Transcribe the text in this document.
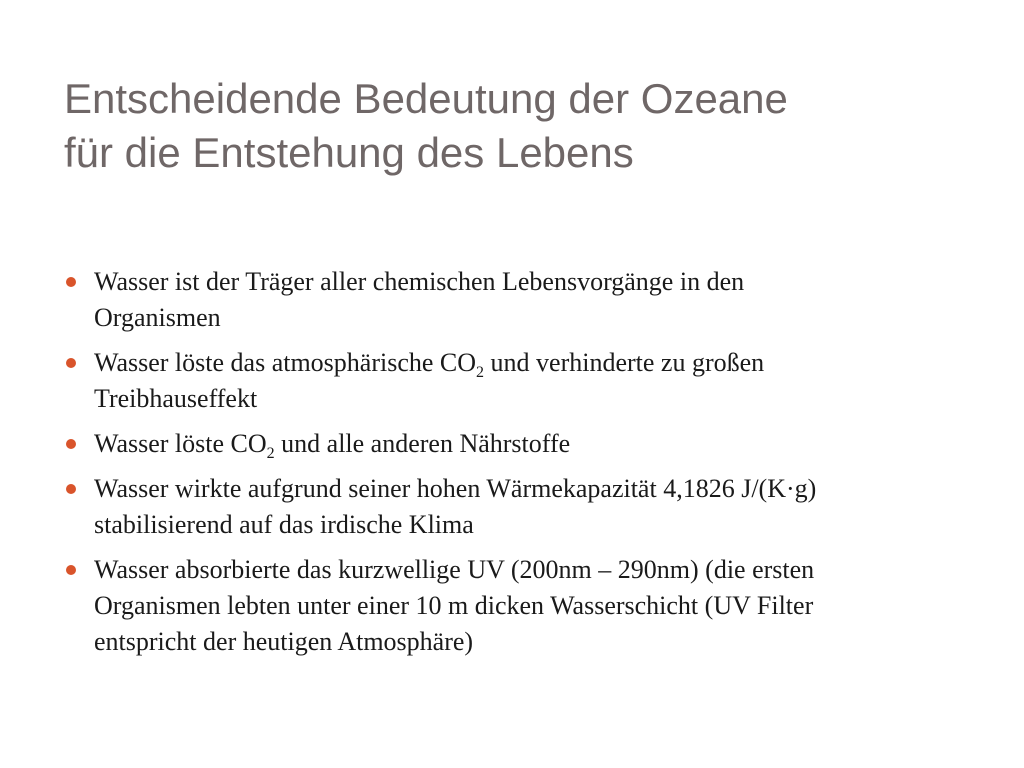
Entscheidende Bedeutung der Ozeane
für die Entstehung des Lebens
Wasser ist der Träger aller chemischen Lebensvorgänge in den
Organismen
Wasser löste das atmosphärische $CO_2$ und verhinderte zu großen
Treibhauseffekt
Wasser löste $CO_2$ und alle anderen Nährstoffe
Wasser wirkte aufgrund seiner hohen Wärmekapazität 4,1826 J/(K·g)
stabilisierend auf das irdische Klima
Wasser absorbierte das kurzwellige UV (200nm – 290nm) (die ersten
Organismen lebten unter einer 10 m dicken Wasserschicht (UV Filter
entspricht der heutigen Atmosphäre)
